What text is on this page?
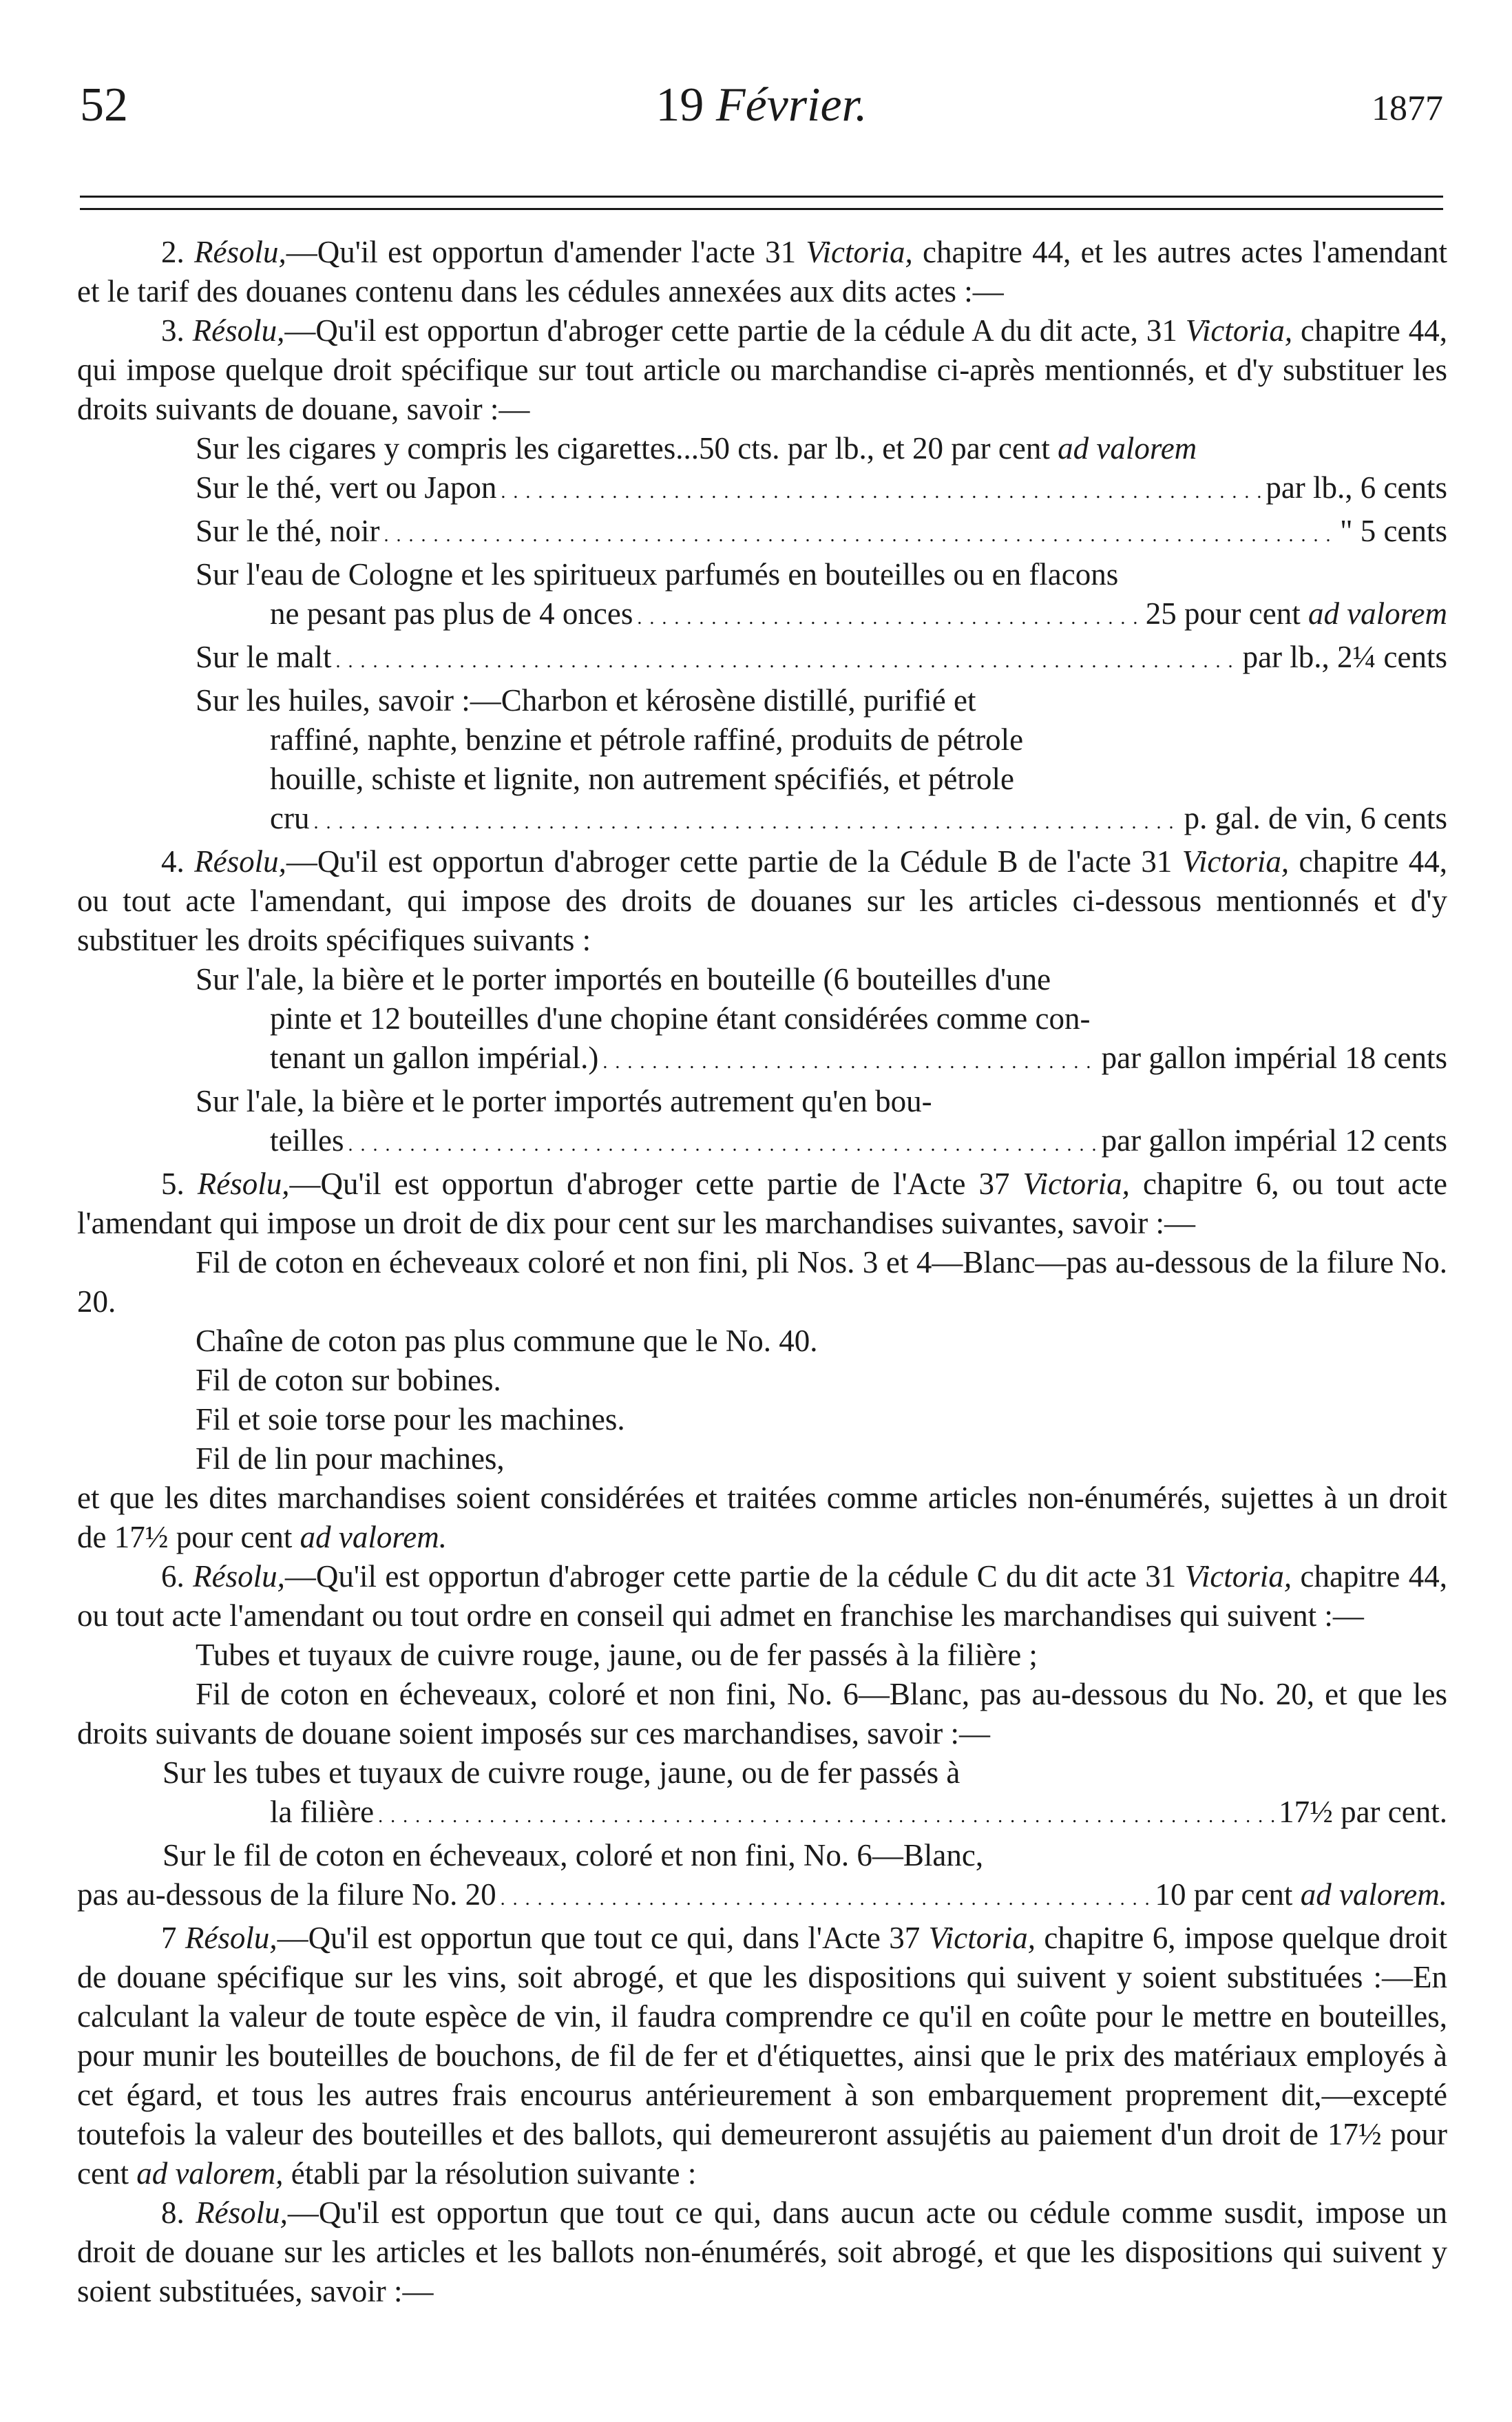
52	19 Février.	1877

2. Résolu,—Qu'il est opportun d'amender l'acte 31 Victoria, chapitre 44, et les autres actes l'amendant et le tarif des douanes contenu dans les cédules annexées aux dits actes :—

3. Résolu,—Qu'il est opportun d'abroger cette partie de la cédule A du dit acte, 31 Victoria, chapitre 44, qui impose quelque droit spécifique sur tout article ou marchandise ci-après mentionnés, et d'y substituer les droits suivants de douane, savoir :—

Sur les cigares y compris les cigarettes...50 cts. par lb., et 20 par cent ad valorem
Sur le thé, vert ou Japon . . .	par lb., 6 cents
Sur le thé, noir . . .	" 5 cents
Sur l'eau de Cologne et les spiritueux parfumés en bouteilles ou en flacons
ne pesant pas plus de 4 onces . . .	25 pour cent ad valorem
Sur le malt . . .	par lb., 2¼ cents
Sur les huiles, savoir :—Charbon et kérosène distillé, purifié et
raffiné, naphte, benzine et pétrole raffiné, produits de pétrole
houille, schiste et lignite, non autrement spécifiés, et pétrole
cru . . .	p. gal. de vin, 6 cents

4. Résolu,—Qu'il est opportun d'abroger cette partie de la Cédule B de l'acte 31 Victoria, chapitre 44, ou tout acte l'amendant, qui impose des droits de douanes sur les articles ci-dessous mentionnés et d'y substituer les droits spécifiques suivants :

Sur l'ale, la bière et le porter importés en bouteille (6 bouteilles d'une
pinte et 12 bouteilles d'une chopine étant considérées comme con-
tenant un gallon impérial.) . . .	par gallon impérial 18 cents
Sur l'ale, la bière et le porter importés autrement qu'en bou-
teilles . . .	par gallon impérial 12 cents

5. Résolu,—Qu'il est opportun d'abroger cette partie de l'Acte 37 Victoria, chapitre 6, ou tout acte l'amendant qui impose un droit de dix pour cent sur les marchandises suivantes, savoir :—

Fil de coton en écheveaux coloré et non fini, pli Nos. 3 et 4—Blanc—pas au-dessous de la filure No. 20.

Chaîne de coton pas plus commune que le No. 40.
Fil de coton sur bobines.
Fil et soie torse pour les machines.
Fil de lin pour machines,

et que les dites marchandises soient considérées et traitées comme articles non-énumérés, sujettes à un droit de 17½ pour cent ad valorem.

6. Résolu,—Qu'il est opportun d'abroger cette partie de la cédule C du dit acte 31 Victoria, chapitre 44, ou tout acte l'amendant ou tout ordre en conseil qui admet en franchise les marchandises qui suivent :—

Tubes et tuyaux de cuivre rouge, jaune, ou de fer passés à la filière ;

Fil de coton en écheveaux, coloré et non fini, No. 6—Blanc, pas au-dessous du No. 20, et que les droits suivants de douane soient imposés sur ces marchandises, savoir :—

Sur les tubes et tuyaux de cuivre rouge, jaune, ou de fer passés à
la filière . . .	17½ par cent.
Sur le fil de coton en écheveaux, coloré et non fini, No. 6—Blanc,
pas au-dessous de la filure No. 20 . . .	10 par cent ad valorem.

7 Résolu,—Qu'il est opportun que tout ce qui, dans l'Acte 37 Victoria, chapitre 6, impose quelque droit de douane spécifique sur les vins, soit abrogé, et que les dispositions qui suivent y soient substituées :—En calculant la valeur de toute espèce de vin, il faudra comprendre ce qu'il en coûte pour le mettre en bouteilles, pour munir les bouteilles de bouchons, de fil de fer et d'étiquettes, ainsi que le prix des matériaux employés à cet égard, et tous les autres frais encourus antérieurement à son embarquement proprement dit,—excepté toutefois la valeur des bouteilles et des ballots, qui demeureront assujétis au paiement d'un droit de 17½ pour cent ad valorem, établi par la résolution suivante :

8. Résolu,—Qu'il est opportun que tout ce qui, dans aucun acte ou cédule comme susdit, impose un droit de douane sur les articles et les ballots non-énumérés, soit abrogé, et que les dispositions qui suivent y soient substituées, savoir :—
